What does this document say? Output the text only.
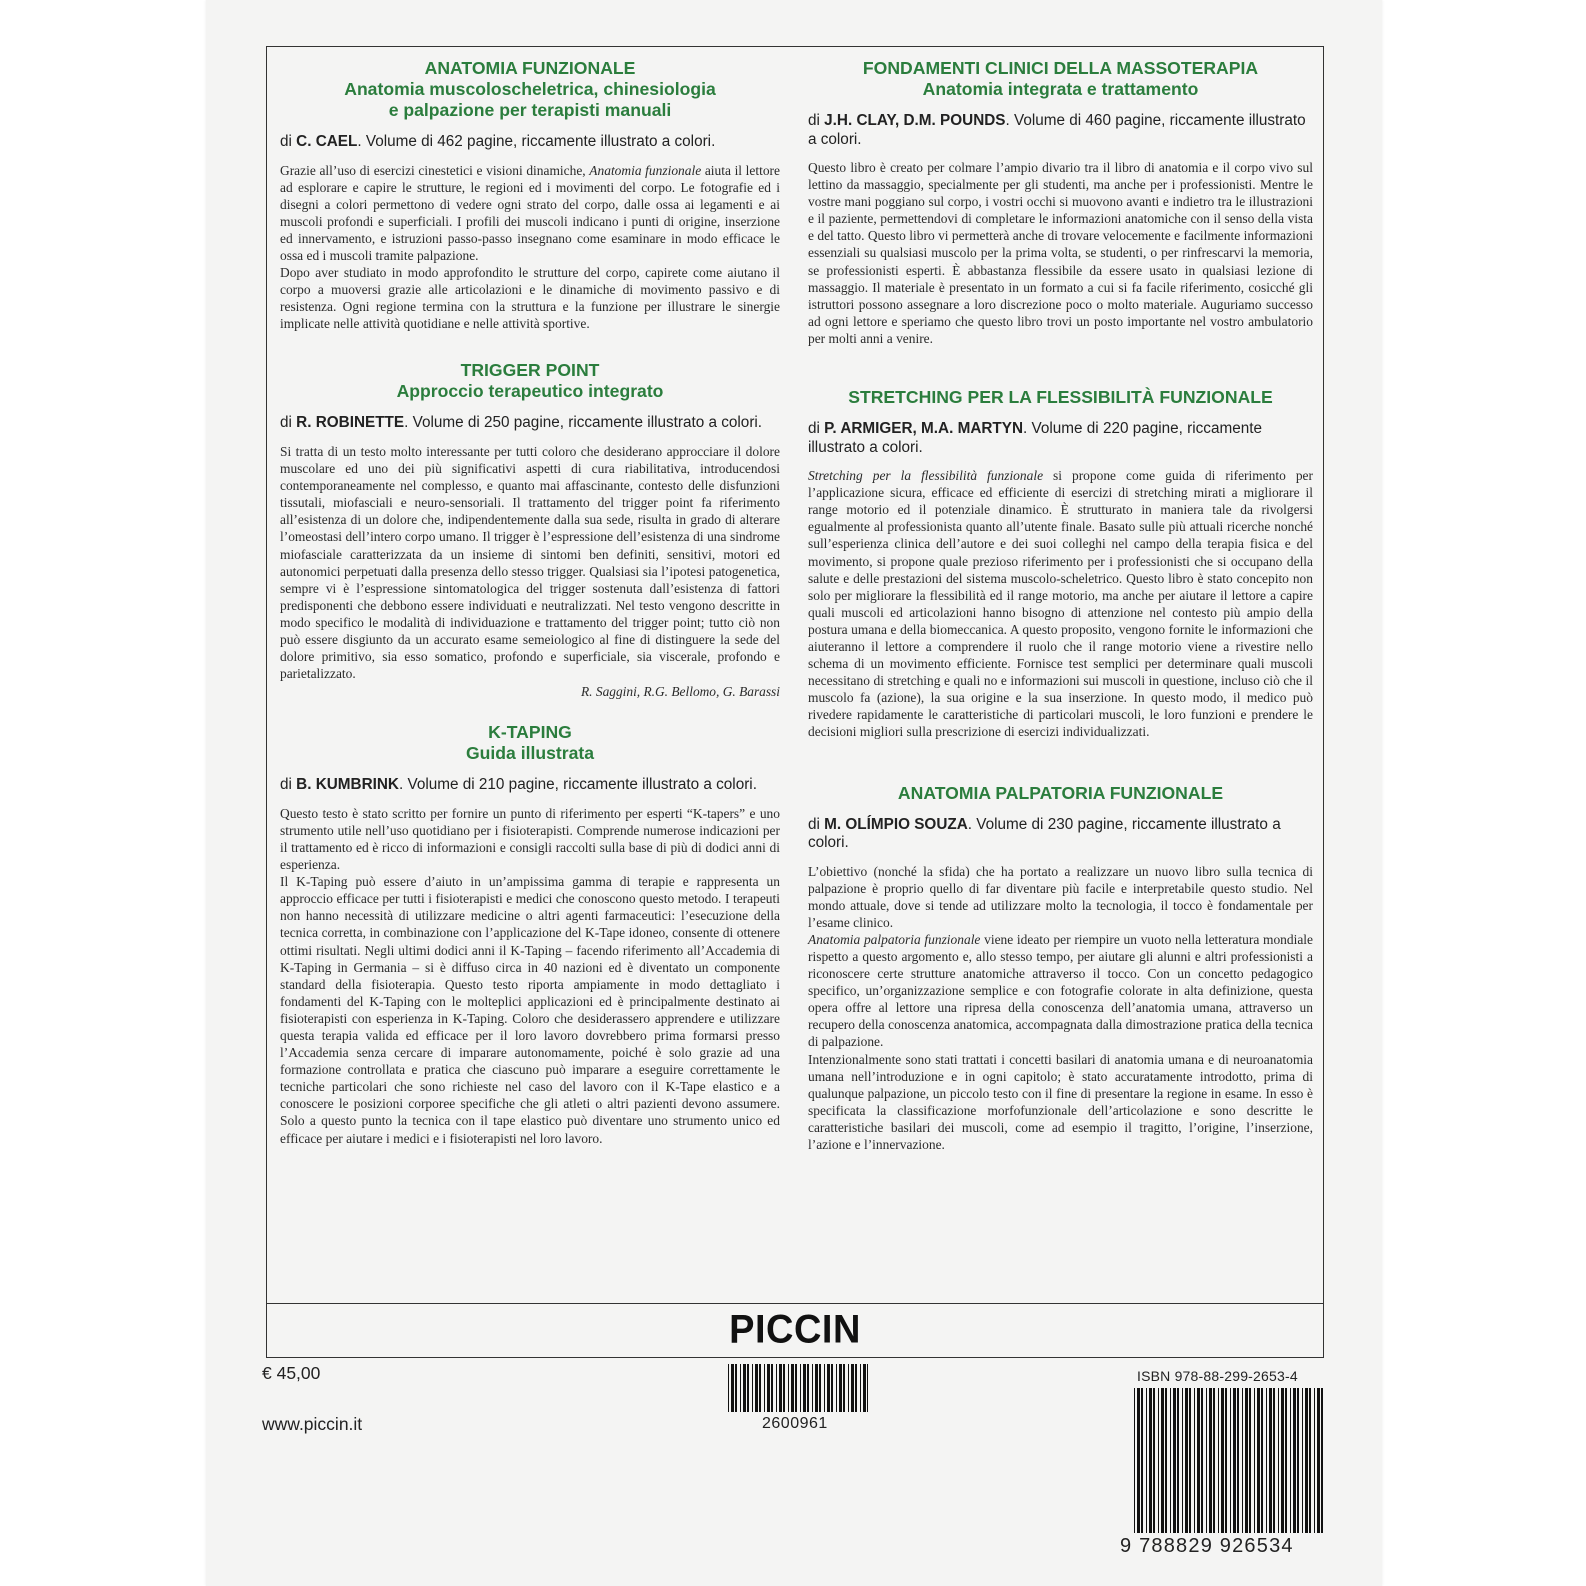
ANATOMIA FUNZIONALE
Anatomia muscoloscheletrica, chinesiologia
e palpazione per terapisti manuali
di C. CAEL. Volume di 462 pagine, riccamente illustrato a colori.

Grazie all’uso di esercizi cinestetici e visioni dinamiche, Anatomia funzionale aiuta il lettore ad esplorare e capire le strutture, le regioni ed i movimenti del corpo. Le fotografie ed i disegni a colori permettono di vedere ogni strato del corpo, dalle ossa ai legamenti e ai muscoli profondi e superficiali. I profili dei muscoli indicano i punti di origine, inserzione ed innervamento, e istruzioni passo-passo insegnano come esaminare in modo efficace le ossa ed i muscoli tramite palpazione.

Dopo aver studiato in modo approfondito le strutture del corpo, capirete come aiutano il corpo a muoversi grazie alle articolazioni e le dinamiche di movimento passivo e di resistenza. Ogni regione termina con la struttura e la funzione per illustrare le sinergie implicate nelle attività quotidiane e nelle attività sportive.

TRIGGER POINT
Approccio terapeutico integrato
di R. ROBINETTE. Volume di 250 pagine, riccamente illustrato a colori.

Si tratta di un testo molto interessante per tutti coloro che desiderano approcciare il dolore muscolare ed uno dei più significativi aspetti di cura riabilitativa, introducendosi contemporaneamente nel complesso, e quanto mai affascinante, contesto delle disfunzioni tissutali, miofasciali e neuro-sensoriali. Il trattamento del trigger point fa riferimento all’esistenza di un dolore che, indipendentemente dalla sua sede, risulta in grado di alterare l’omeostasi dell’intero corpo umano. Il trigger è l’espressione dell’esistenza di una sindrome miofasciale caratterizzata da un insieme di sintomi ben definiti, sensitivi, motori ed autonomici perpetuati dalla presenza dello stesso trigger. Qualsiasi sia l’ipotesi patogenetica, sempre vi è l’espressione sintomatologica del trigger sostenuta dall’esistenza di fattori predisponenti che debbono essere individuati e neutralizzati. Nel testo vengono descritte in modo specifico le modalità di individuazione e trattamento del trigger point; tutto ciò non può essere disgiunto da un accurato esame semeiologico al fine di distinguere la sede del dolore primitivo, sia esso somatico, profondo e superficiale, sia viscerale, profondo e parietalizzato.

R. Saggini, R.G. Bellomo, G. Barassi
K-TAPING
Guida illustrata
di B. KUMBRINK. Volume di 210 pagine, riccamente illustrato a colori.

Questo testo è stato scritto per fornire un punto di riferimento per esperti “K-tapers” e uno strumento utile nell’uso quotidiano per i fisioterapisti. Comprende numerose indicazioni per il trattamento ed è ricco di informazioni e consigli raccolti sulla base di più di dodici anni di esperienza.

Il K-Taping può essere d’aiuto in un’ampissima gamma di terapie e rappresenta un approccio efficace per tutti i fisioterapisti e medici che conoscono questo metodo. I terapeuti non hanno necessità di utilizzare medicine o altri agenti farmaceutici: l’esecuzione della tecnica corretta, in combinazione con l’applicazione del K-Tape idoneo, consente di ottenere ottimi risultati. Negli ultimi dodici anni il K-Taping – facendo riferimento all’Accademia di K-Taping in Germania – si è diffuso circa in 40 nazioni ed è diventato un componente standard della fisioterapia. Questo testo riporta ampiamente in modo dettagliato i fondamenti del K-Taping con le molteplici applicazioni ed è principalmente destinato ai fisioterapisti con esperienza in K-Taping. Coloro che desiderassero apprendere e utilizzare questa terapia valida ed efficace per il loro lavoro dovrebbero prima formarsi presso l’Accademia senza cercare di imparare autonomamente, poiché è solo grazie ad una formazione controllata e pratica che ciascuno può imparare a eseguire correttamente le tecniche particolari che sono richieste nel caso del lavoro con il K-Tape elastico e a conoscere le posizioni corporee specifiche che gli atleti o altri pazienti devono assumere. Solo a questo punto la tecnica con il tape elastico può diventare uno strumento unico ed efficace per aiutare i medici e i fisioterapisti nel loro lavoro.

FONDAMENTI CLINICI DELLA MASSOTERAPIA
Anatomia integrata e trattamento
di J.H. CLAY, D.M. POUNDS. Volume di 460 pagine, riccamente illustrato a colori.

Questo libro è creato per colmare l’ampio divario tra il libro di anatomia e il corpo vivo sul lettino da massaggio, specialmente per gli studenti, ma anche per i professionisti. Mentre le vostre mani poggiano sul corpo, i vostri occhi si muovono avanti e indietro tra le illustrazioni e il paziente, permettendovi di completare le informazioni anatomiche con il senso della vista e del tatto. Questo libro vi permetterà anche di trovare velocemente e facilmente informazioni essenziali su qualsiasi muscolo per la prima volta, se studenti, o per rinfrescarvi la memoria, se professionisti esperti. È abbastanza flessibile da essere usato in qualsiasi lezione di massaggio. Il materiale è presentato in un formato a cui si fa facile riferimento, cosicché gli istruttori possono assegnare a loro discrezione poco o molto materiale. Auguriamo successo ad ogni lettore e speriamo che questo libro trovi un posto importante nel vostro ambulatorio per molti anni a venire.

STRETCHING PER LA FLESSIBILITÀ FUNZIONALE
di P. ARMIGER, M.A. MARTYN. Volume di 220 pagine, riccamente illustrato a colori.

Stretching per la flessibilità funzionale si propone come guida di riferimento per l’applicazione sicura, efficace ed efficiente di esercizi di stretching mirati a migliorare il range motorio ed il potenziale dinamico. È strutturato in maniera tale da rivolgersi egualmente al professionista quanto all’utente finale. Basato sulle più attuali ricerche nonché sull’esperienza clinica dell’autore e dei suoi colleghi nel campo della terapia fisica e del movimento, si propone quale prezioso riferimento per i professionisti che si occupano della salute e delle prestazioni del sistema muscolo-scheletrico. Questo libro è stato concepito non solo per migliorare la flessibilità ed il range motorio, ma anche per aiutare il lettore a capire quali muscoli ed articolazioni hanno bisogno di attenzione nel contesto più ampio della postura umana e della biomeccanica. A questo proposito, vengono fornite le informazioni che aiuteranno il lettore a comprendere il ruolo che il range motorio viene a rivestire nello schema di un movimento efficiente. Fornisce test semplici per determinare quali muscoli necessitano di stretching e quali no e informazioni sui muscoli in questione, incluso ciò che il muscolo fa (azione), la sua origine e la sua inserzione. In questo modo, il medico può rivedere rapidamente le caratteristiche di particolari muscoli, le loro funzioni e prendere le decisioni migliori sulla prescrizione di esercizi individualizzati.

ANATOMIA PALPATORIA FUNZIONALE
di M. OLÍMPIO SOUZA. Volume di 230 pagine, riccamente illustrato a colori.

L’obiettivo (nonché la sfida) che ha portato a realizzare un nuovo libro sulla tecnica di palpazione è proprio quello di far diventare più facile e interpretabile questo studio. Nel mondo attuale, dove si tende ad utilizzare molto la tecnologia, il tocco è fondamentale per l’esame clinico.

Anatomia palpatoria funzionale viene ideato per riempire un vuoto nella letteratura mondiale rispetto a questo argomento e, allo stesso tempo, per aiutare gli alunni e altri professionisti a riconoscere certe strutture anatomiche attraverso il tocco. Con un concetto pedagogico specifico, un’organizzazione semplice e con fotografie colorate in alta definizione, questa opera offre al lettore una ripresa della conoscenza dell’anatomia umana, attraverso un recupero della conoscenza anatomica, accompagnata dalla dimostrazione pratica della tecnica di palpazione.

Intenzionalmente sono stati trattati i concetti basilari di anatomia umana e di neuroanatomia umana nell’introduzione e in ogni capitolo; è stato accuratamente introdotto, prima di qualunque palpazione, un piccolo testo con il fine di presentare la regione in esame. In esso è specificata la classificazione morfofunzionale dell’articolazione e sono descritte le caratteristiche basilari dei muscoli, come ad esempio il tragitto, l’origine, l’inserzione, l’azione e l’innervazione.

PICCIN
€ 45,00
www.piccin.it
ISBN 978-88-299-2653-4
2600961
9 788829 926534
